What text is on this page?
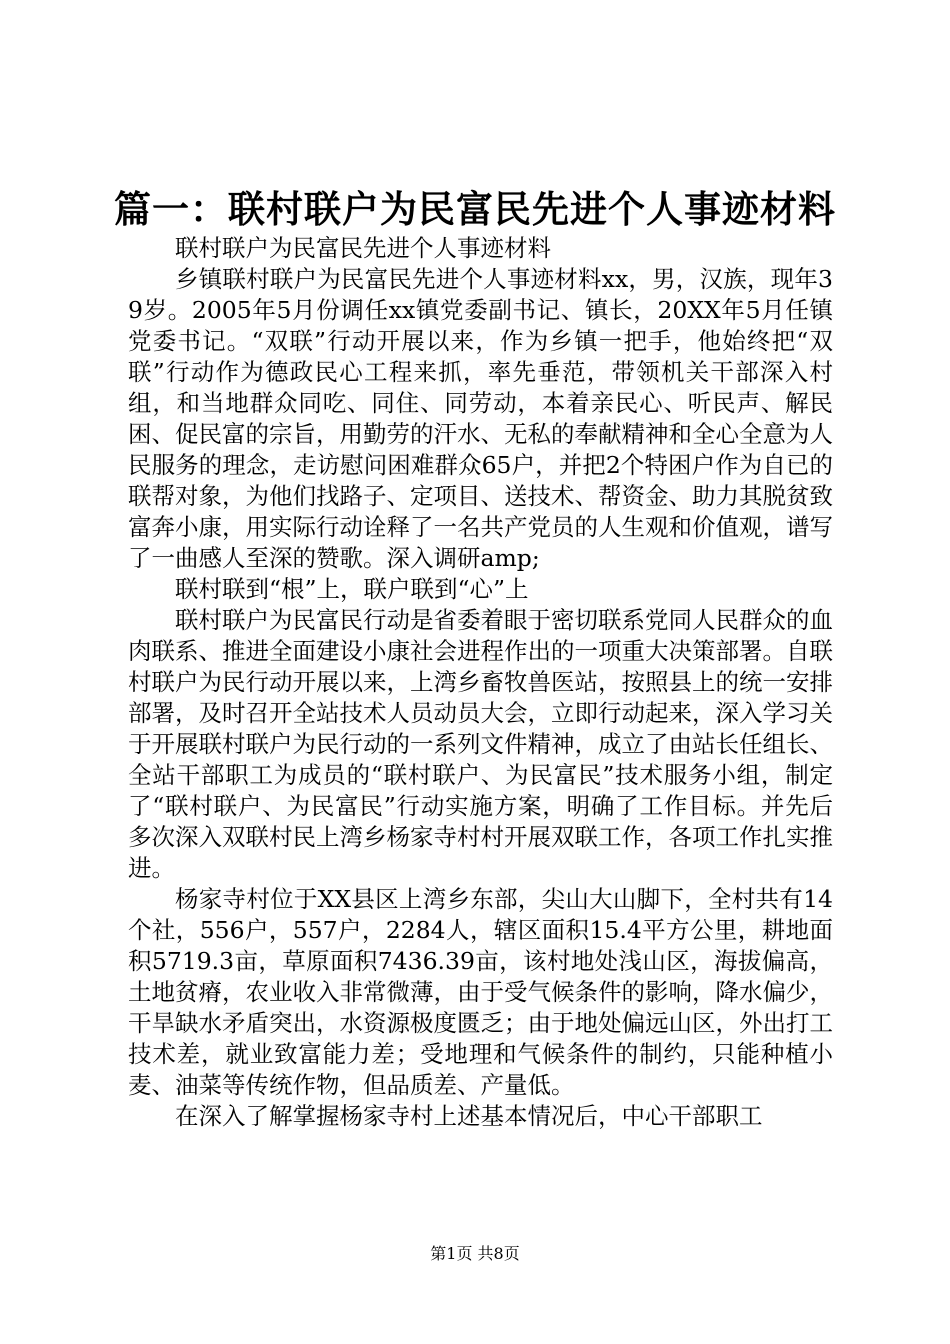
篇一：联村联户为民富民先进个人事迹材料

联村联户为民富民先进个人事迹材料

乡镇联村联户为民富民先进个人事迹材料xx，男，汉族，现年39岁。2005年5月份调任xx镇党委副书记、镇长，20XX年5月任镇党委书记。“双联”行动开展以来，作为乡镇一把手，他始终把“双联”行动作为德政民心工程来抓，率先垂范，带领机关干部深入村组，和当地群众同吃、同住、同劳动，本着亲民心、听民声、解民困、促民富的宗旨，用勤劳的汗水、无私的奉献精神和全心全意为人民服务的理念，走访慰问困难群众65户，并把2个特困户作为自已的联帮对象，为他们找路子、定项目、送技术、帮资金、助力其脱贫致富奔小康，用实际行动诠释了一名共产党员的人生观和价值观，谱写了一曲感人至深的赞歌。深入调研amp;

联村联到“根”上，联户联到“心”上

联村联户为民富民行动是省委着眼于密切联系党同人民群众的血肉联系、推进全面建设小康社会进程作出的一项重大决策部署。自联村联户为民行动开展以来，上湾乡畜牧兽医站，按照县上的统一安排部署，及时召开全站技术人员动员大会，立即行动起来，深入学习关于开展联村联户为民行动的一系列文件精神，成立了由站长任组长、全站干部职工为成员的“联村联户、为民富民”技术服务小组，制定了“联村联户、为民富民”行动实施方案，明确了工作目标。并先后多次深入双联村民上湾乡杨家寺村村开展双联工作，各项工作扎实推进。

杨家寺村位于XX县区上湾乡东部，尖山大山脚下，全村共有14个社，556户，557户，2284人，辖区面积15.4平方公里，耕地面积5719.3亩，草原面积7436.39亩，该村地处浅山区，海拔偏高，土地贫瘠，农业收入非常微薄，由于受气候条件的影响，降水偏少，干旱缺水矛盾突出，水资源极度匮乏；由于地处偏远山区，外出打工技术差，就业致富能力差；受地理和气候条件的制约，只能种植小麦、油菜等传统作物，但品质差、产量低。

在深入了解掌握杨家寺村上述基本情况后，中心干部职工

第1页 共8页
